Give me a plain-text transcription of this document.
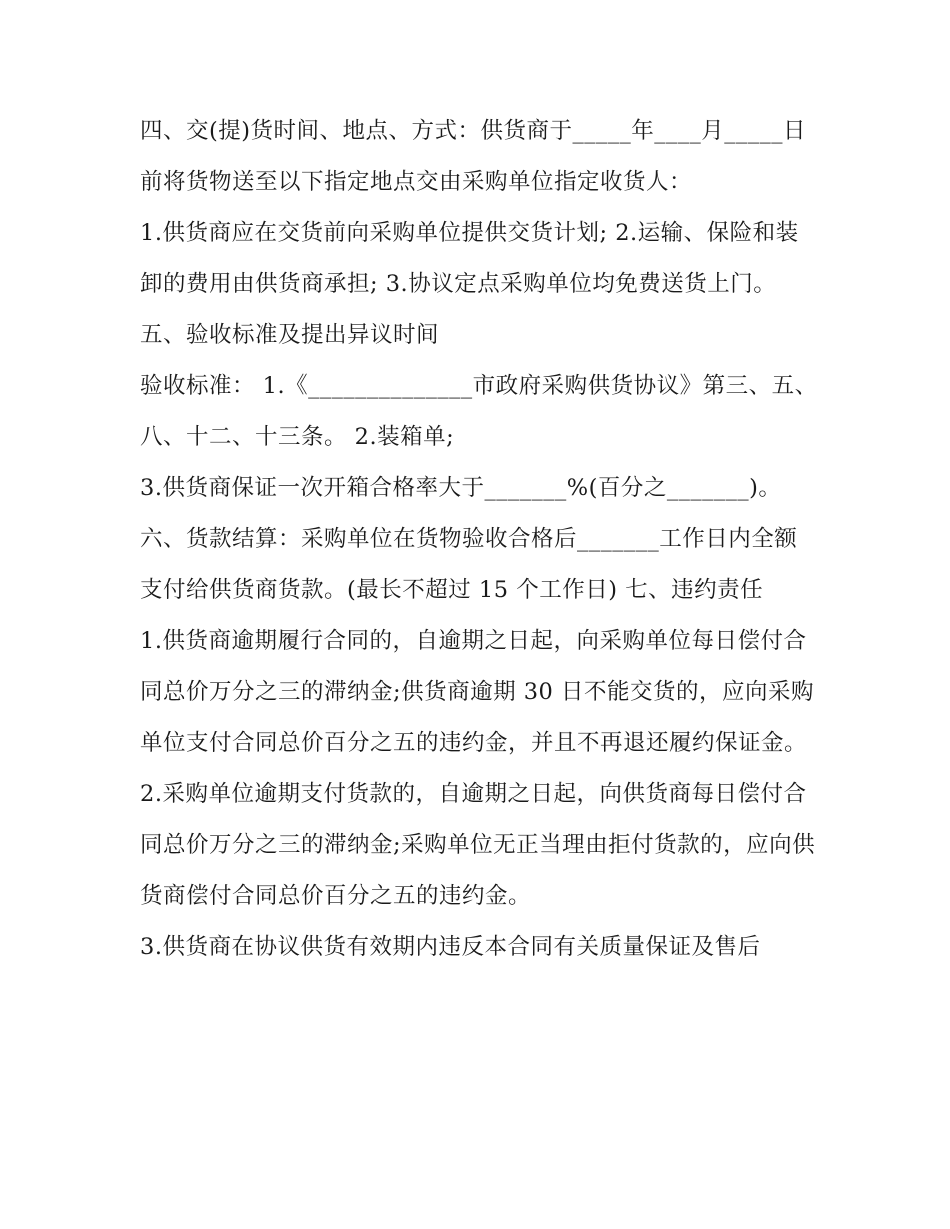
四、交(提)货时间、地点、方式：供货商于_____年____月_____日前将货物送至以下指定地点交由采购单位指定收货人：

1.供货商应在交货前向采购单位提供交货计划; 2.运输、保险和装卸的费用由供货商承担; 3.协议定点采购单位均免费送货上门。 五、验收标准及提出异议时间

验收标准： 1.《______________市政府采购供货协议》第三、五、八、十二、十三条。 2.装箱单;

3.供货商保证一次开箱合格率大于_______%(百分之_______)。

六、货款结算：采购单位在货物验收合格后_______工作日内全额支付给供货商货款。(最长不超过 15 个工作日) 七、违约责任

1.供货商逾期履行合同的，自逾期之日起，向采购单位每日偿付合同总价万分之三的滞纳金;供货商逾期 30 日不能交货的，应向采购单位支付合同总价百分之五的违约金，并且不再退还履约保证金。

2.采购单位逾期支付货款的，自逾期之日起，向供货商每日偿付合同总价万分之三的滞纳金;采购单位无正当理由拒付货款的，应向供货商偿付合同总价百分之五的违约金。

3.供货商在协议供货有效期内违反本合同有关质量保证及售后
